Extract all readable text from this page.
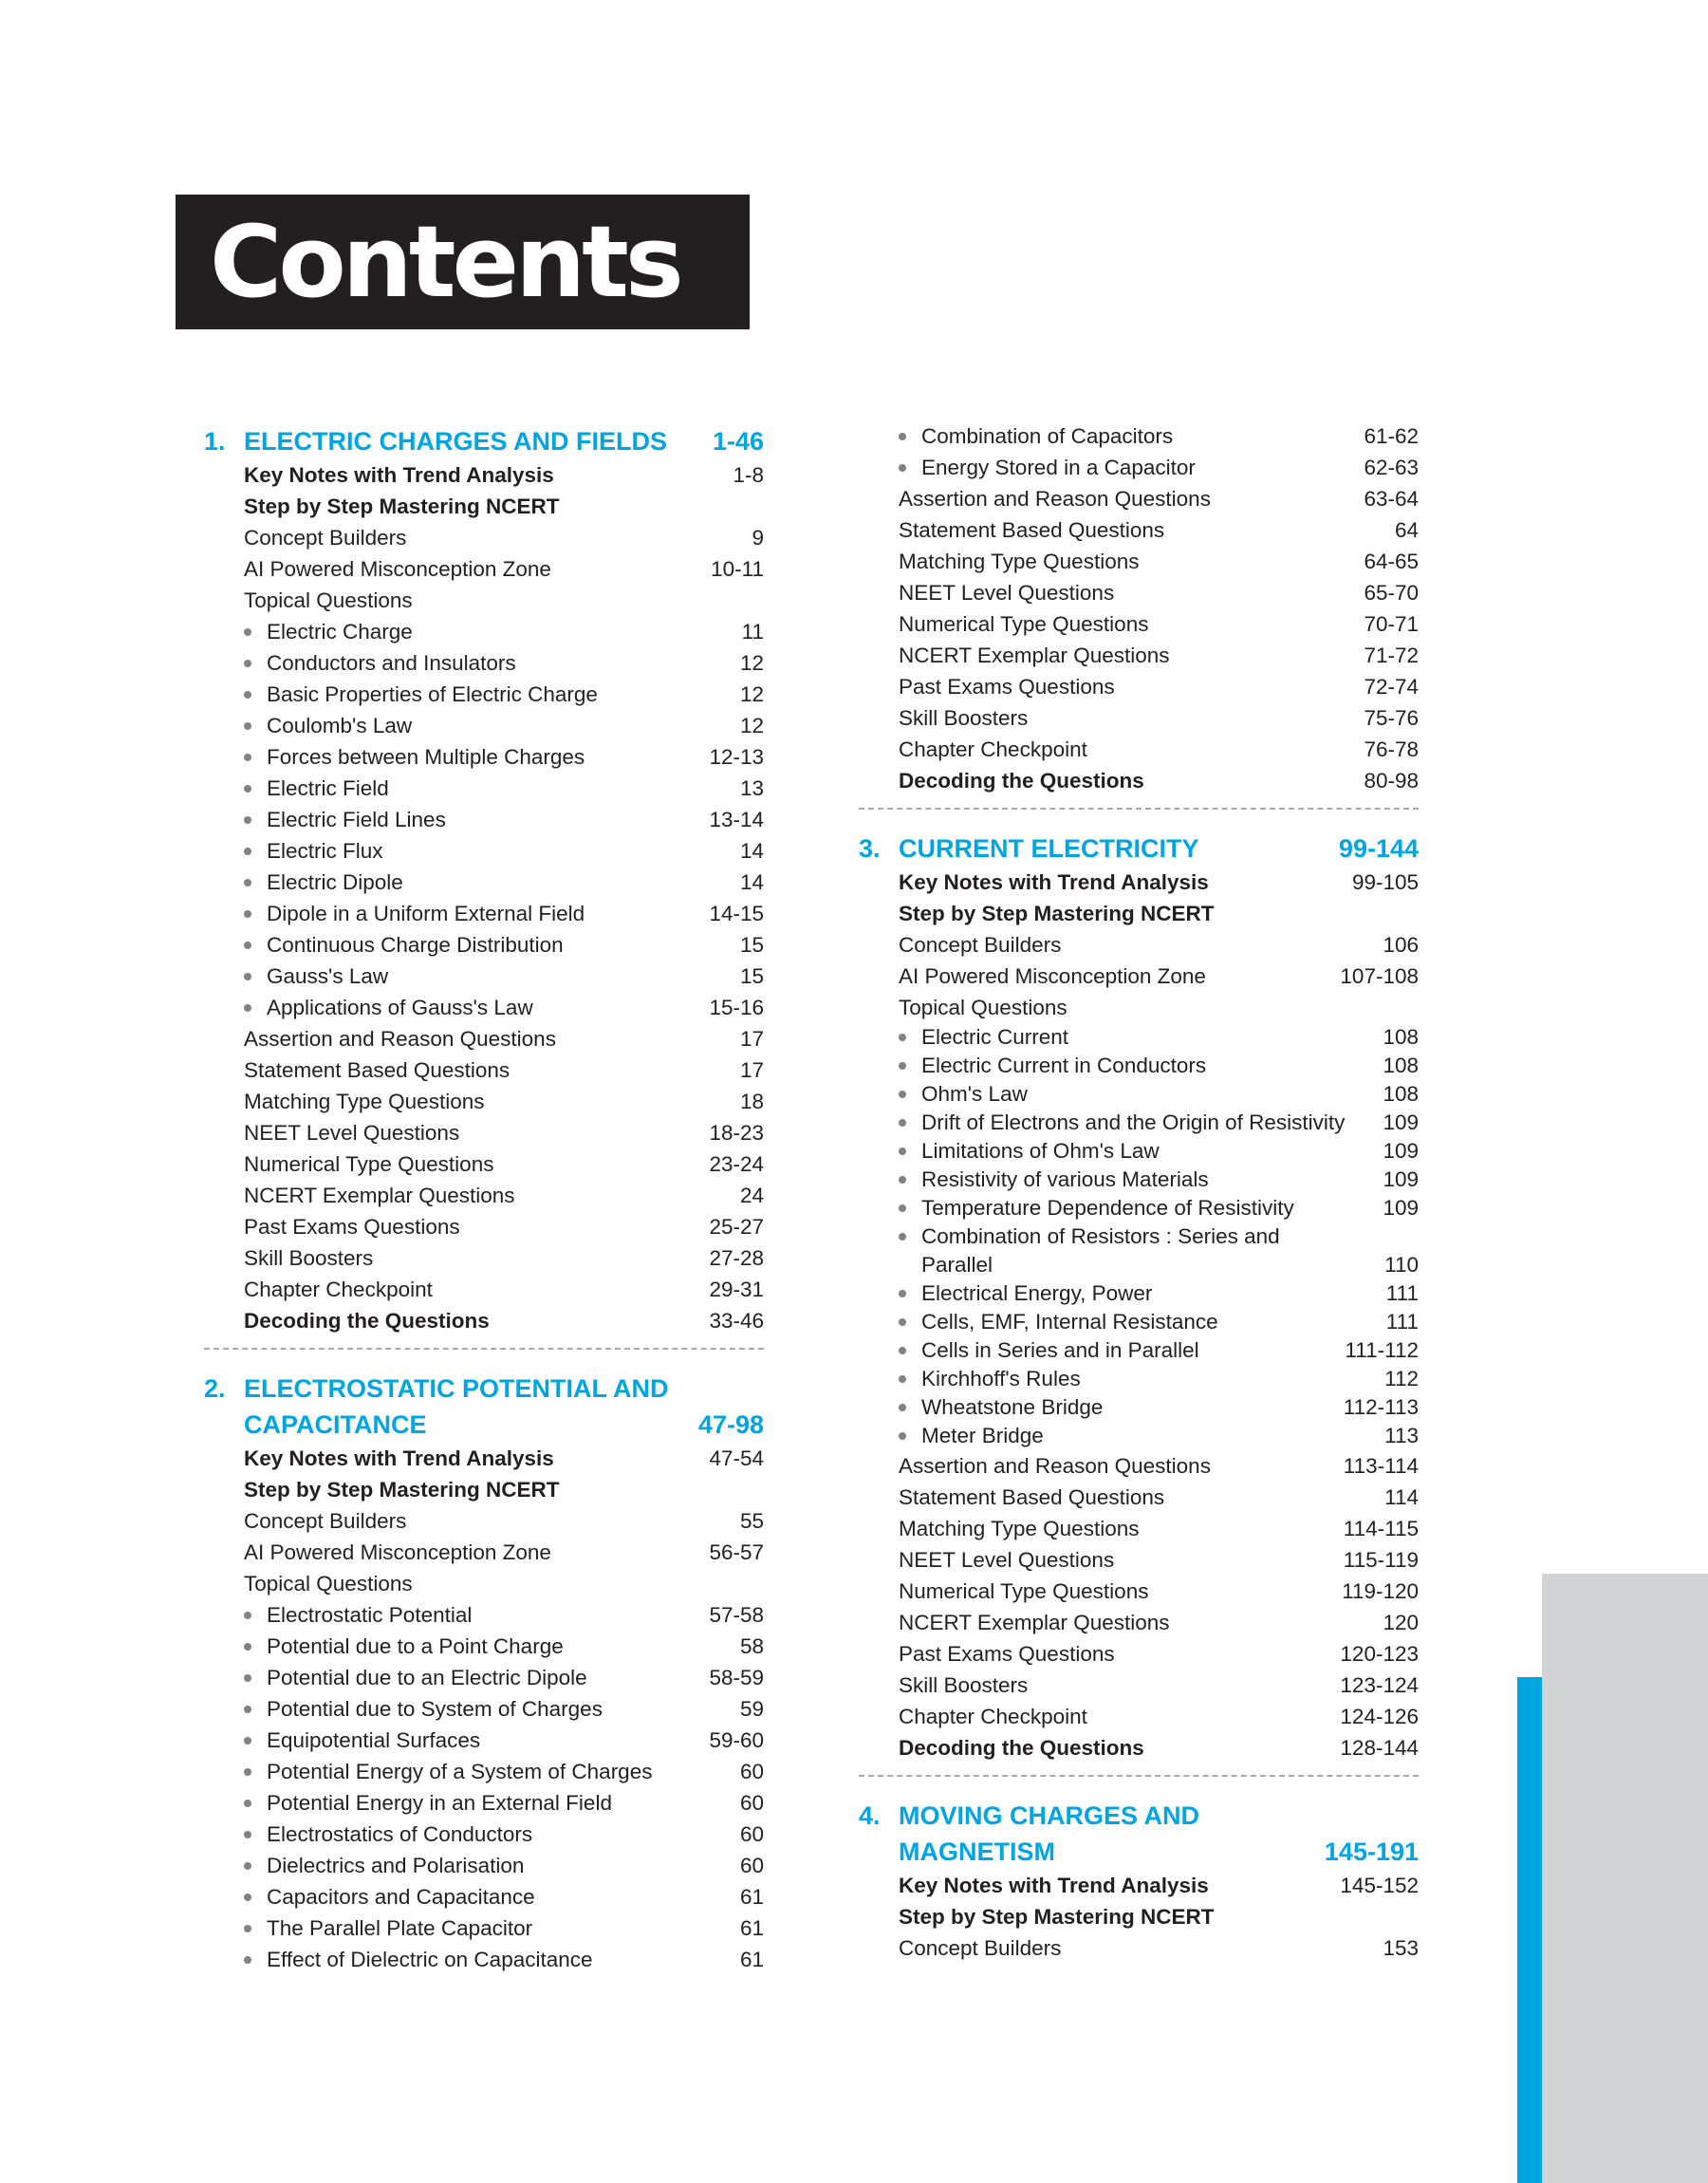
Contents
1. ELECTRIC CHARGES AND FIELDS 1-46
Key Notes with Trend Analysis	1-8
Step by Step Mastering NCERT
Concept Builders	9
AI Powered Misconception Zone	10-11
Topical Questions
Electric Charge	11
Conductors and Insulators	12
Basic Properties of Electric Charge	12
Coulomb's Law	12
Forces between Multiple Charges	12-13
Electric Field	13
Electric Field Lines	13-14
Electric Flux	14
Electric Dipole	14
Dipole in a Uniform External Field	14-15
Continuous Charge Distribution	15
Gauss's Law	15
Applications of Gauss's Law	15-16
Assertion and Reason Questions	17
Statement Based Questions	17
Matching Type Questions	18
NEET Level Questions	18-23
Numerical Type Questions	23-24
NCERT Exemplar Questions	24
Past Exams Questions	25-27
Skill Boosters	27-28
Chapter Checkpoint	29-31
Decoding the Questions	33-46
2. ELECTROSTATIC POTENTIAL AND
CAPACITANCE	47-98
Key Notes with Trend Analysis	47-54
Step by Step Mastering NCERT
Concept Builders	55
AI Powered Misconception Zone	56-57
Topical Questions
Electrostatic Potential	57-58
Potential due to a Point Charge	58
Potential due to an Electric Dipole	58-59
Potential due to System of Charges	59
Equipotential Surfaces	59-60
Potential Energy of a System of Charges	60
Potential Energy in an External Field	60
Electrostatics of Conductors	60
Dielectrics and Polarisation	60
Capacitors and Capacitance	61
The Parallel Plate Capacitor	61
Effect of Dielectric on Capacitance	61
Combination of Capacitors	61-62
Energy Stored in a Capacitor	62-63
Assertion and Reason Questions	63-64
Statement Based Questions	64
Matching Type Questions	64-65
NEET Level Questions	65-70
Numerical Type Questions	70-71
NCERT Exemplar Questions	71-72
Past Exams Questions	72-74
Skill Boosters	75-76
Chapter Checkpoint	76-78
Decoding the Questions	80-98
3. CURRENT ELECTRICITY	99-144
Key Notes with Trend Analysis	99-105
Step by Step Mastering NCERT
Concept Builders	106
AI Powered Misconception Zone	107-108
Topical Questions
Electric Current	108
Electric Current in Conductors	108
Ohm's Law	108
Drift of Electrons and the Origin of Resistivity	109
Limitations of Ohm's Law	109
Resistivity of various Materials	109
Temperature Dependence of Resistivity	109
Combination of Resistors : Series and
Parallel	110
Electrical Energy, Power	111
Cells, EMF, Internal Resistance	111
Cells in Series and in Parallel	111-112
Kirchhoff's Rules	112
Wheatstone Bridge	112-113
Meter Bridge	113
Assertion and Reason Questions	113-114
Statement Based Questions	114
Matching Type Questions	114-115
NEET Level Questions	115-119
Numerical Type Questions	119-120
NCERT Exemplar Questions	120
Past Exams Questions	120-123
Skill Boosters	123-124
Chapter Checkpoint	124-126
Decoding the Questions	128-144
4. MOVING CHARGES AND
MAGNETISM	145-191
Key Notes with Trend Analysis	145-152
Step by Step Mastering NCERT
Concept Builders	153
